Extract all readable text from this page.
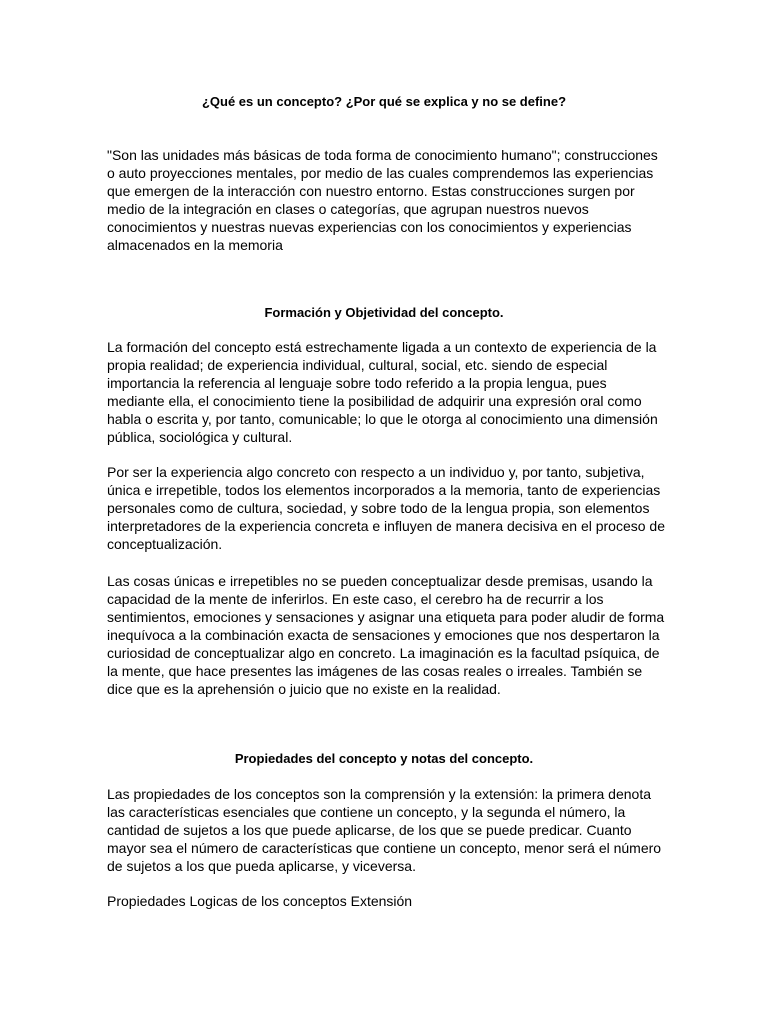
¿Qué es un concepto? ¿Por qué se explica y no se define?

"Son las unidades más básicas de toda forma de conocimiento humano"; construcciones o auto proyecciones mentales, por medio de las cuales comprendemos las experiencias que emergen de la interacción con nuestro entorno. Estas construcciones surgen por medio de la integración en clases o categorías, que agrupan nuestros nuevos conocimientos y nuestras nuevas experiencias con los conocimientos y experiencias almacenados en la memoria

Formación y Objetividad del concepto.

La formación del concepto está estrechamente ligada a un contexto de experiencia de la propia realidad; de experiencia individual, cultural, social, etc. siendo de especial importancia la referencia al lenguaje sobre todo referido a la propia lengua, pues mediante ella, el conocimiento tiene la posibilidad de adquirir una expresión oral como habla o escrita y, por tanto, comunicable; lo que le otorga al conocimiento una dimensión pública, sociológica y cultural.

Por ser la experiencia algo concreto con respecto a un individuo y, por tanto, subjetiva, única e irrepetible, todos los elementos incorporados a la memoria, tanto de experiencias personales como de cultura, sociedad, y sobre todo de la lengua propia, son elementos interpretadores de la experiencia concreta e influyen de manera decisiva en el proceso de conceptualización.

Las cosas únicas e irrepetibles no se pueden conceptualizar desde premisas, usando la capacidad de la mente de inferirlos. En este caso, el cerebro ha de recurrir a los sentimientos, emociones y sensaciones y asignar una etiqueta para poder aludir de forma inequívoca a la combinación exacta de sensaciones y emociones que nos despertaron la curiosidad de conceptualizar algo en concreto. La imaginación es la facultad psíquica, de la mente, que hace presentes las imágenes de las cosas reales o irreales. También se dice que es la aprehensión o juicio que no existe en la realidad.

Propiedades del concepto y notas del concepto.

Las propiedades de los conceptos son la comprensión y la extensión: la primera denota las características esenciales que contiene un concepto, y la segunda el número, la cantidad de sujetos a los que puede aplicarse, de los que se puede predicar. Cuanto mayor sea el número de características que contiene un concepto, menor será el número de sujetos a los que pueda aplicarse, y viceversa.

Propiedades Logicas de los conceptos Extensión
